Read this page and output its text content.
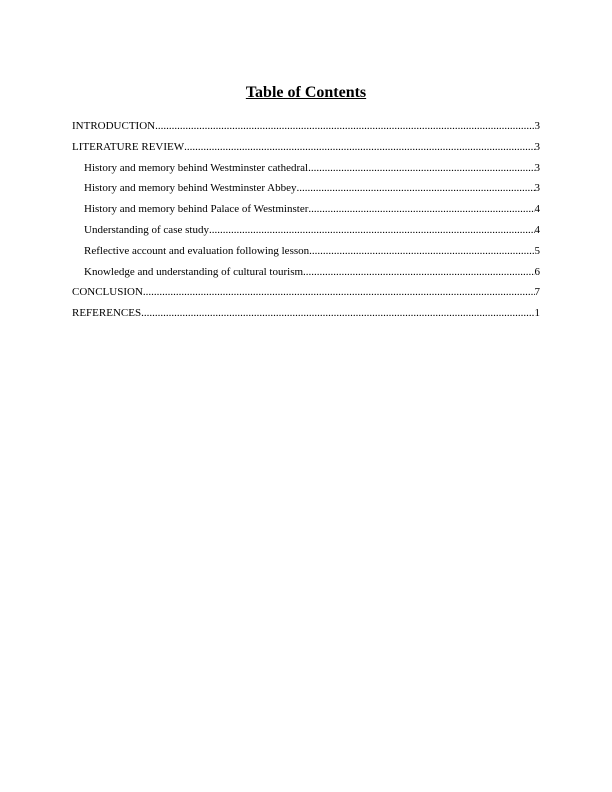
Table of Contents
INTRODUCTION .....	3
LITERATURE REVIEW .....	3
History and memory behind Westminster cathedral .....	3
History and memory behind Westminster Abbey .....	3
History and memory behind Palace of Westminster .....	4
Understanding of case study .....	4
Reflective account and evaluation following lesson .....	5
Knowledge and understanding of cultural tourism .....	6
CONCLUSION .....	7
REFERENCES .....	1
